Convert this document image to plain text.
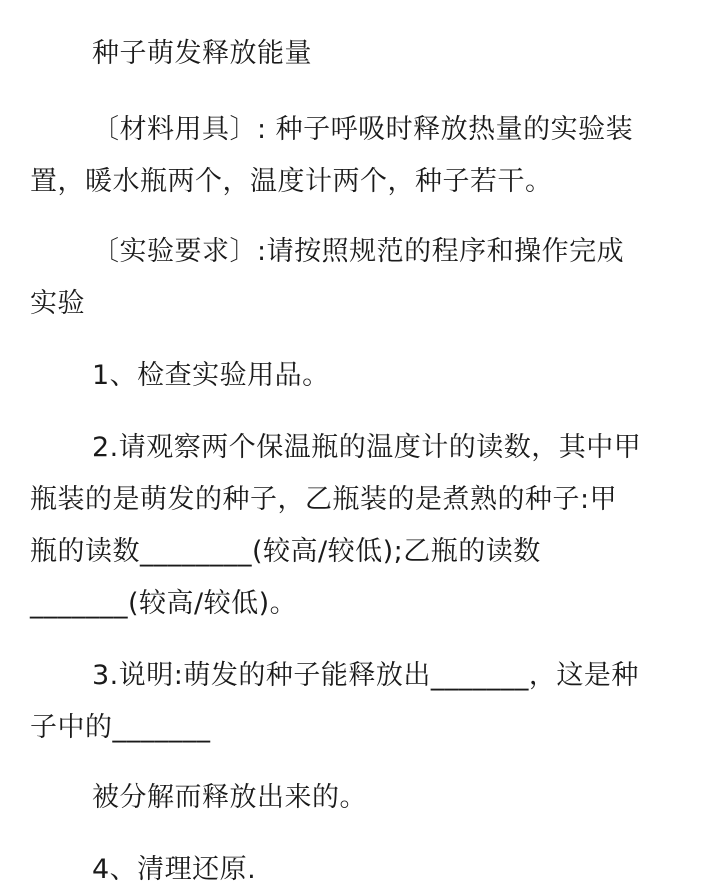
种子萌发释放能量
〔材料用具〕: 种子呼吸时释放热量的实验装
置，暖水瓶两个，温度计两个，种子若干。
〔实验要求〕:请按照规范的程序和操作完成
实验
1、检查实验用品。
2.请观察两个保温瓶的温度计的读数，其中甲
瓶装的是萌发的种子，乙瓶装的是煮熟的种子:甲
瓶的读数________(较高/较低);乙瓶的读数
_______(较高/较低)。
3.说明:萌发的种子能释放出_______，这是种
子中的_______
被分解而释放出来的。
4、清理还原.
